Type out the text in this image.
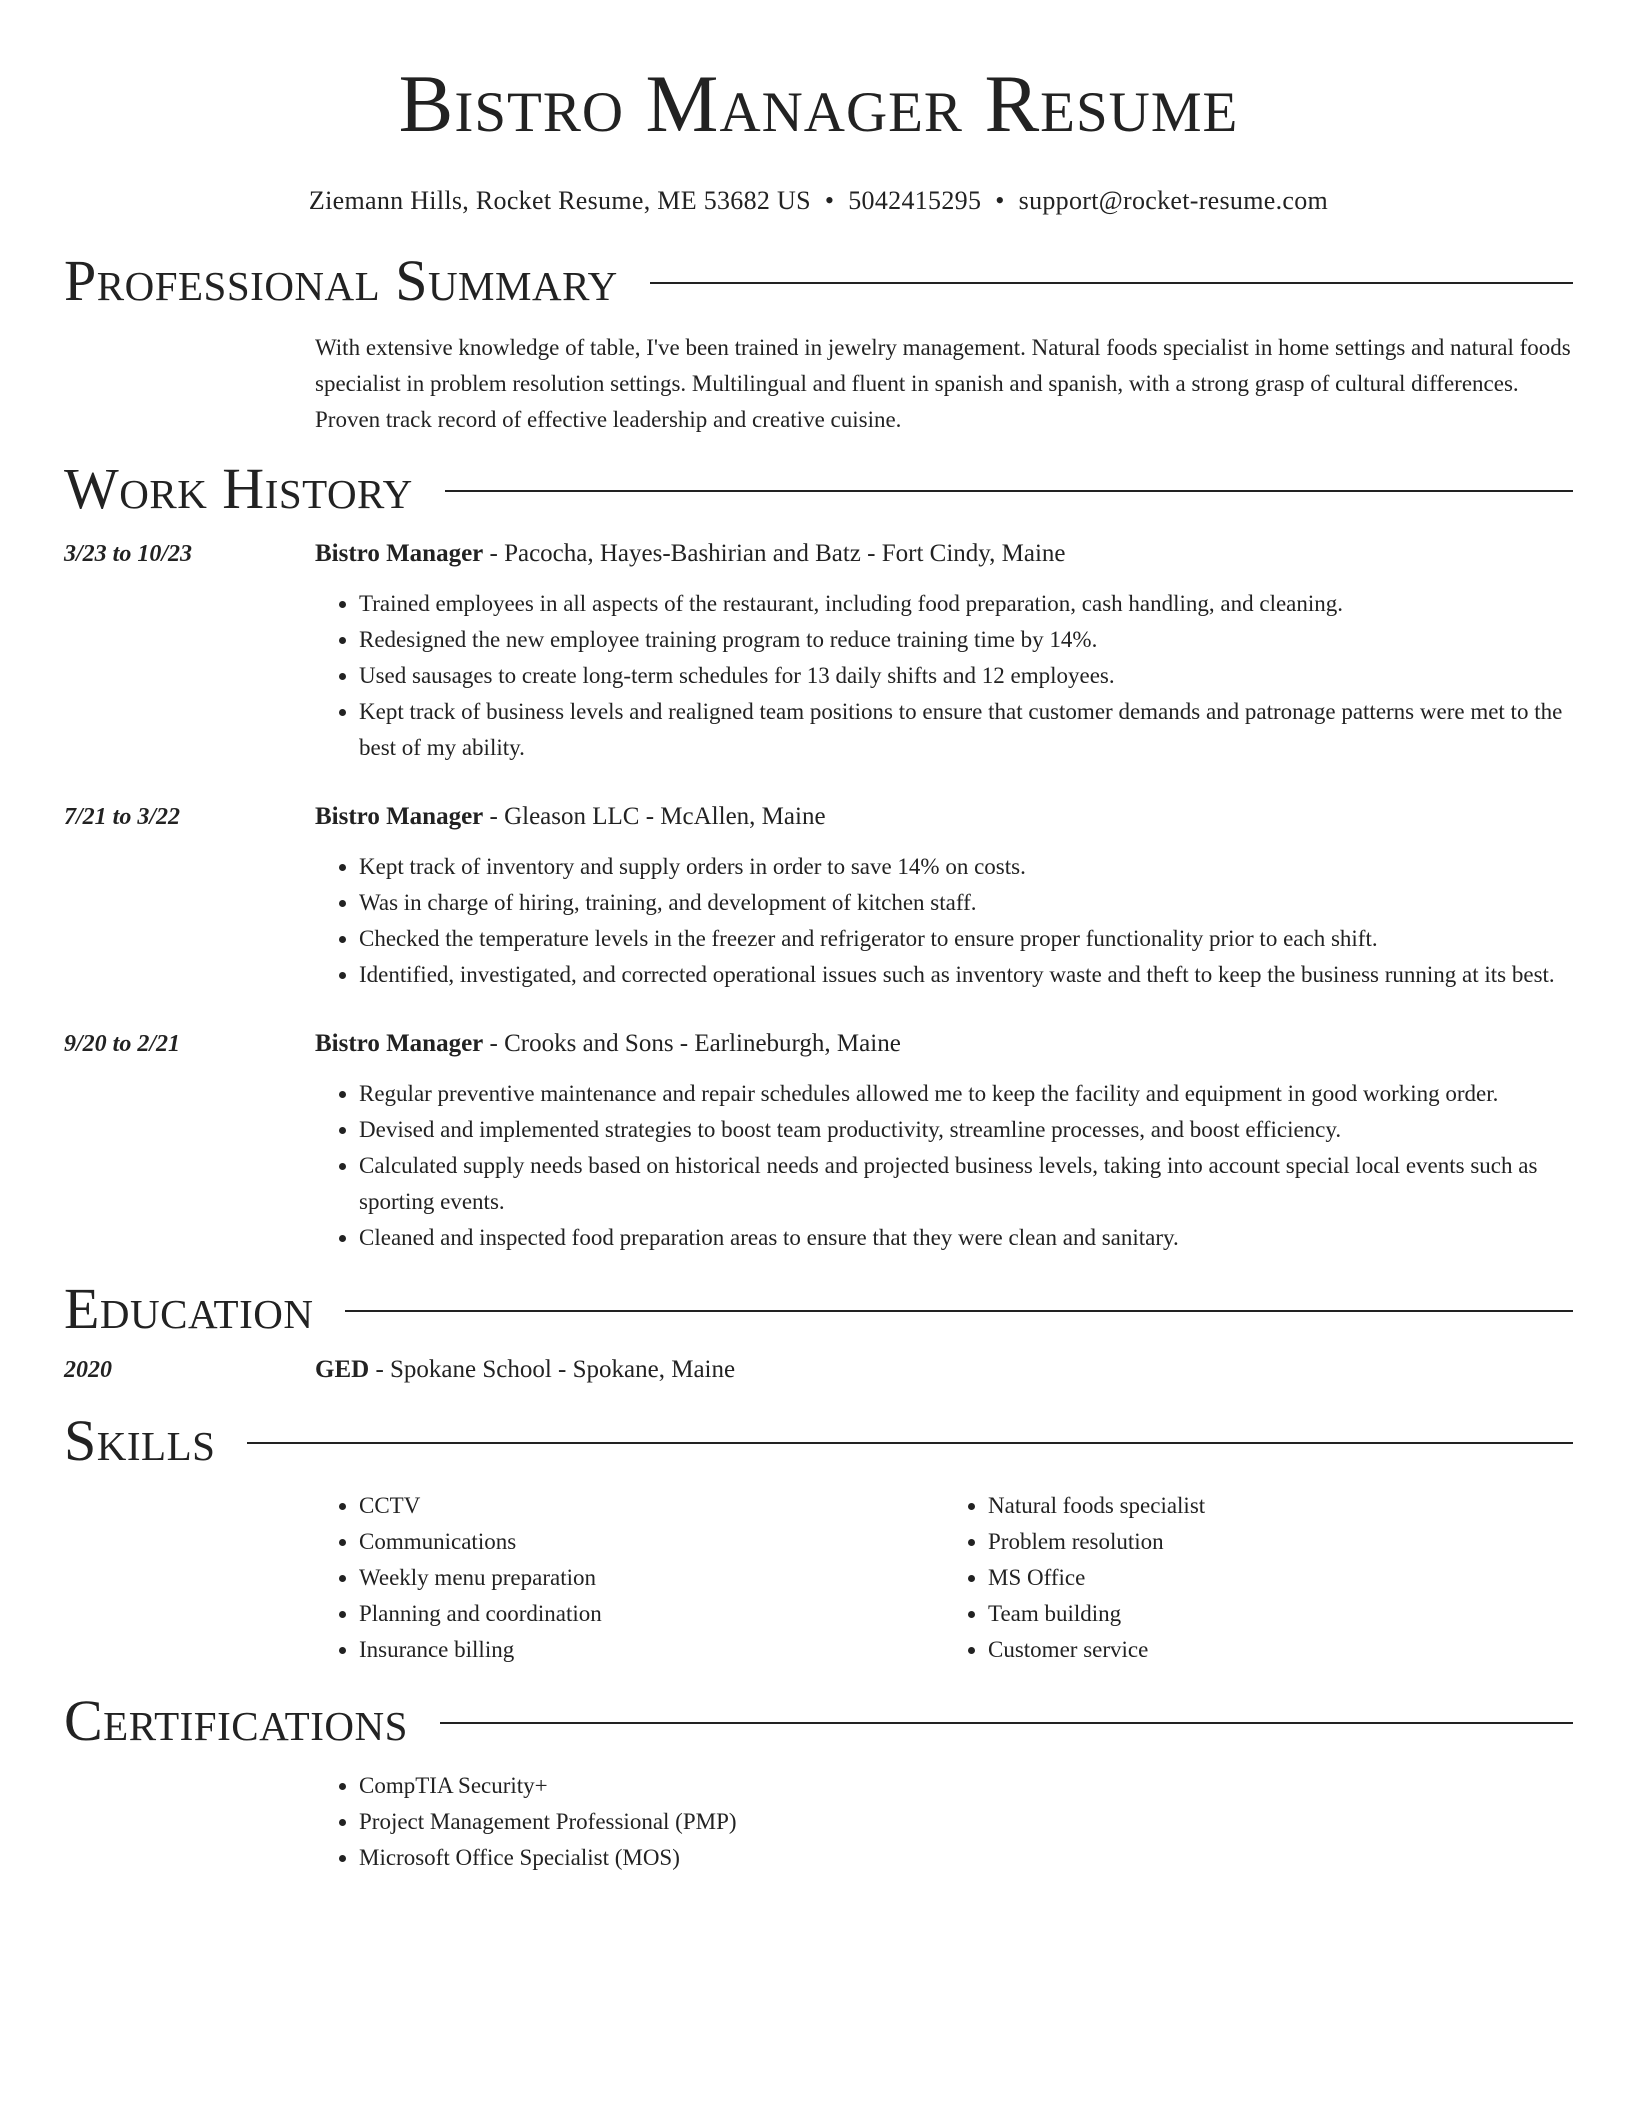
Bistro Manager Resume
Ziemann Hills, Rocket Resume, ME 53682 US • 5042415295 • support@rocket-resume.com
Professional Summary

With extensive knowledge of table, I've been trained in jewelry management. Natural foods specialist in home settings and natural foods specialist in problem resolution settings. Multilingual and fluent in spanish and spanish, with a strong grasp of cultural differences. Proven track record of effective leadership and creative cuisine.

Work History
3/23 to 10/23	Bistro Manager - Pacocha, Hayes-Bashirian and Batz - Fort Cindy, Maine

• Trained employees in all aspects of the restaurant, including food preparation, cash handling, and cleaning.
• Redesigned the new employee training program to reduce training time by 14%.
• Used sausages to create long-term schedules for 13 daily shifts and 12 employees.
• Kept track of business levels and realigned team positions to ensure that customer demands and patronage patterns were met to the best of my ability.
7/21 to 3/22	Bistro Manager - Gleason LLC - McAllen, Maine

• Kept track of inventory and supply orders in order to save 14% on costs.
• Was in charge of hiring, training, and development of kitchen staff.
• Checked the temperature levels in the freezer and refrigerator to ensure proper functionality prior to each shift.
• Identified, investigated, and corrected operational issues such as inventory waste and theft to keep the business running at its best.
9/20 to 2/21	Bistro Manager - Crooks and Sons - Earlineburgh, Maine

• Regular preventive maintenance and repair schedules allowed me to keep the facility and equipment in good working order.
• Devised and implemented strategies to boost team productivity, streamline processes, and boost efficiency.
• Calculated supply needs based on historical needs and projected business levels, taking into account special local events such as sporting events.
• Cleaned and inspected food preparation areas to ensure that they were clean and sanitary.
Education
2020	GED - Spokane School - Spokane, Maine

Skills
• CCTV
• Communications
• Weekly menu preparation
• Planning and coordination
• Insurance billing
• Natural foods specialist
• Problem resolution
• MS Office
• Team building
• Customer service
Certifications
• CompTIA Security+
• Project Management Professional (PMP)
• Microsoft Office Specialist (MOS)
